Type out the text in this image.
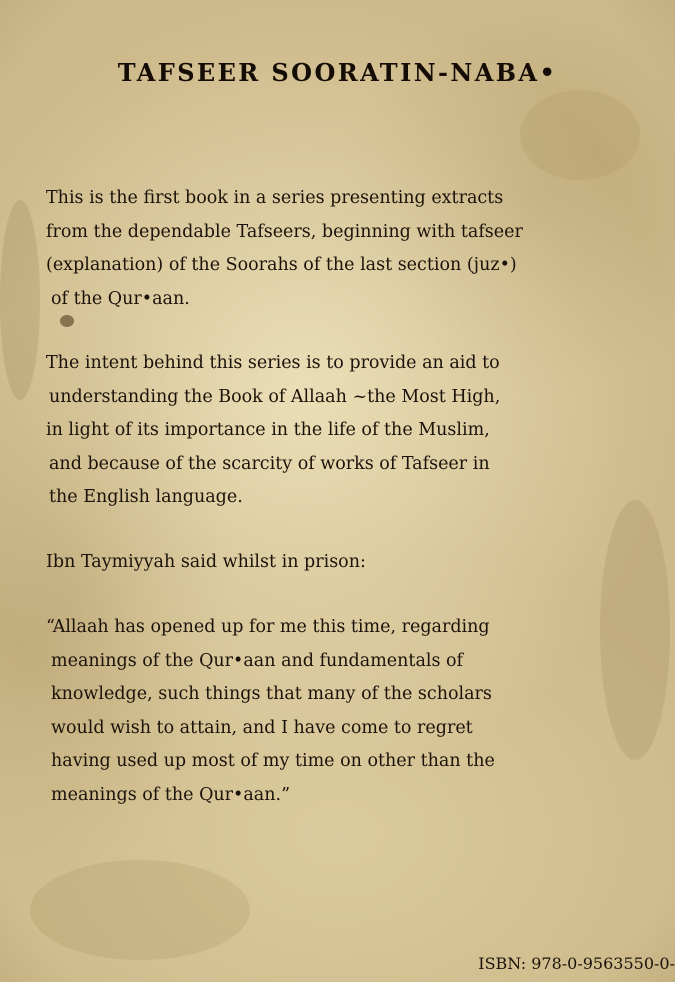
TAFSEER SOORATIN-NABA•
This is the first book in a series presenting extracts
from the dependable Tafseers, beginning with tafseer
(explanation) of the Soorahs of the last section (juz•)
of the Qur•aan.
The intent behind this series is to provide an aid to
understanding the Book of Allaah ~the Most High,
in light of its importance in the life of the Muslim,
and because of the scarcity of works of Tafseer in
the English language.
Ibn Taymiyyah said whilst in prison:
“Allaah has opened up for me this time, regarding
meanings of the Qur•aan and fundamentals of
knowledge, such things that many of the scholars
would wish to attain, and I have come to regret
having used up most of my time on other than the
meanings of the Qur•aan.”
ISBN: 978-0-9563550-0-
